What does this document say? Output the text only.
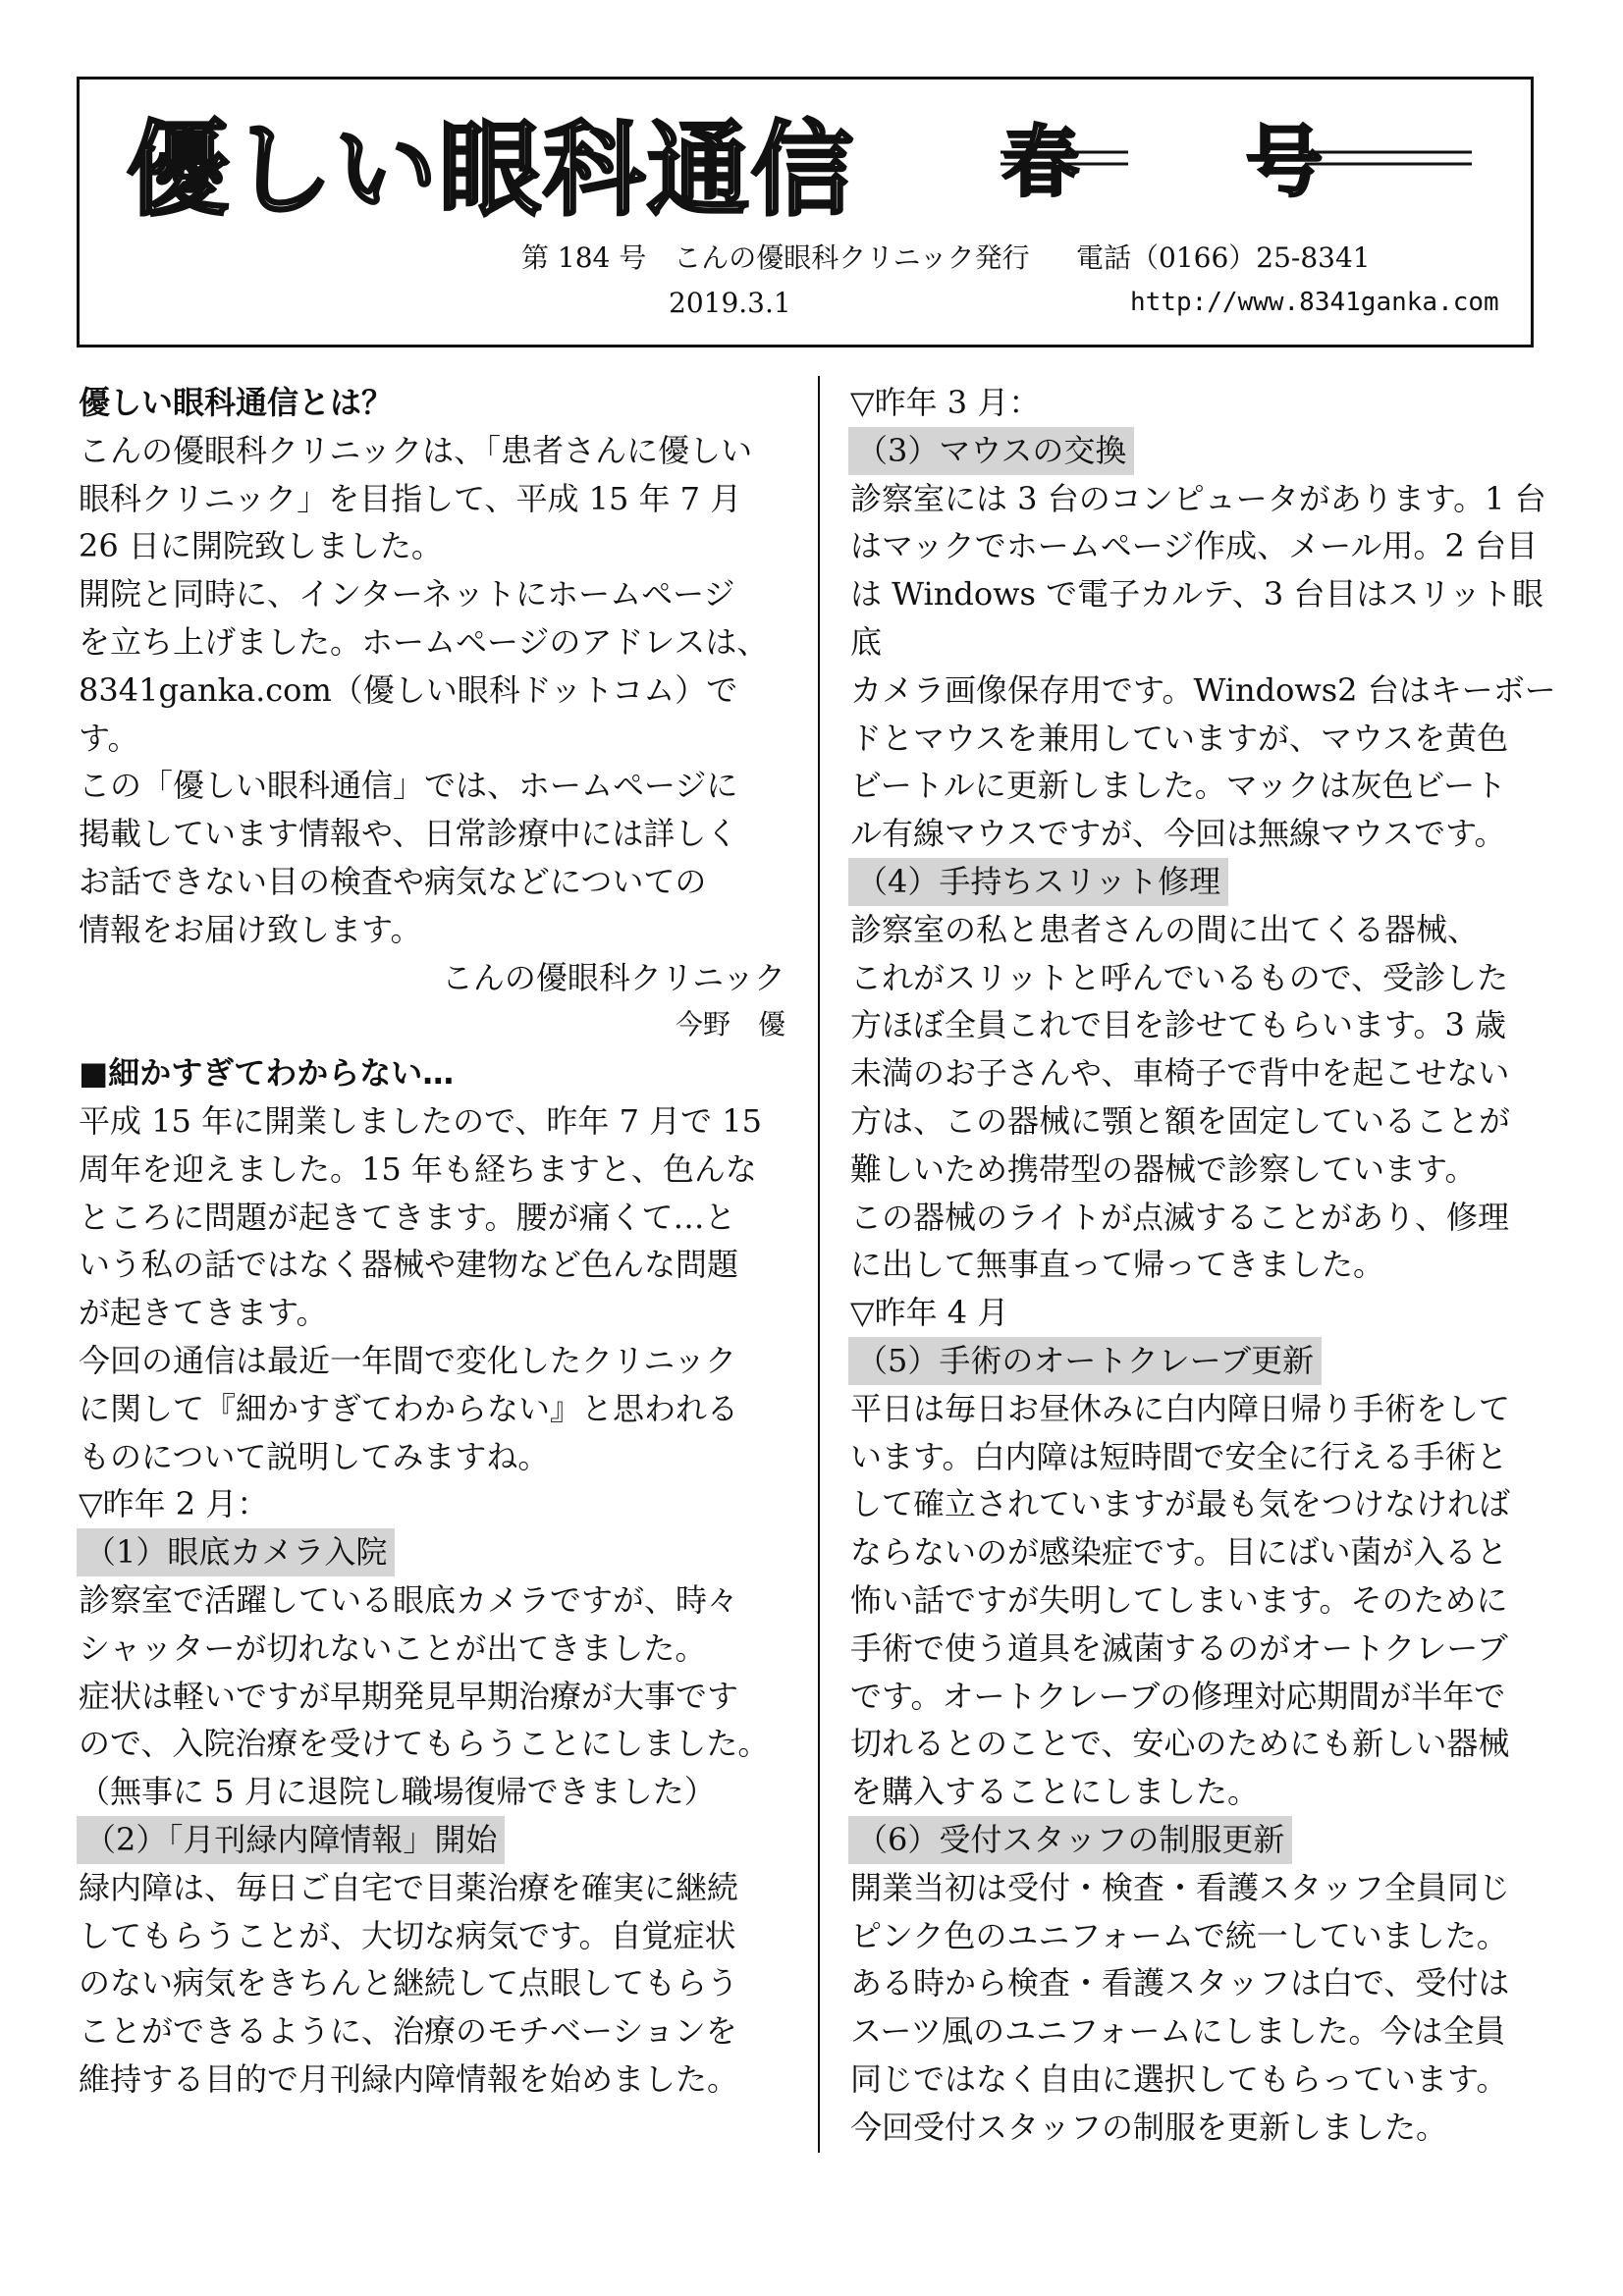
優しい眼科通信 春号
第 184 号　こんの優眼科クリニック発行 電話（0166）25-8341
2019.3.1	http://www.8341ganka.com

優しい眼科通信とは？

こんの優眼科クリニックは、「患者さんに優しい

眼科クリニック」を目指して、平成 15 年 7 月

26 日に開院致しました。

開院と同時に、インターネットにホームページ

を立ち上げました。ホームページのアドレスは、

8341ganka.com（優しい眼科ドットコム）です。

この「優しい眼科通信」では、ホームページに

掲載しています情報や、日常診療中には詳しく

お話できない目の検査や病気などについての

情報をお届け致します。

こんの優眼科クリニック

今野　優

■細かすぎてわからない…

平成 15 年に開業しましたので、昨年 7 月で 15

周年を迎えました。15 年も経ちますと、色んな

ところに問題が起きてきます。腰が痛くて…と

いう私の話ではなく器械や建物など色んな問題

が起きてきます。

今回の通信は最近一年間で変化したクリニック

に関して『細かすぎてわからない』と思われる

ものについて説明してみますね。

▽昨年 2 月：

（1）眼底カメラ入院

診察室で活躍している眼底カメラですが、時々

シャッターが切れないことが出てきました。

症状は軽いですが早期発見早期治療が大事です

ので、入院治療を受けてもらうことにしました。

（無事に 5 月に退院し職場復帰できました）

（2）「月刊緑内障情報」開始

緑内障は、毎日ご自宅で目薬治療を確実に継続

してもらうことが、大切な病気です。自覚症状

のない病気をきちんと継続して点眼してもらう

ことができるように、治療のモチベーションを

維持する目的で月刊緑内障情報を始めました。

▽昨年 3 月：

（3）マウスの交換

診察室には 3 台のコンピュータがあります。1 台

はマックでホームページ作成、メール用。2 台目

は Windows で電子カルテ、3 台目はスリット眼底

カメラ画像保存用です。Windows2 台はキーボー

ドとマウスを兼用していますが、マウスを黄色

ビートルに更新しました。マックは灰色ビート

ル有線マウスですが、今回は無線マウスです。

（4）手持ちスリット修理

診察室の私と患者さんの間に出てくる器械、

これがスリットと呼んでいるもので、受診した

方ほぼ全員これで目を診せてもらいます。3 歳

未満のお子さんや、車椅子で背中を起こせない

方は、この器械に顎と額を固定していることが

難しいため携帯型の器械で診察しています。

この器械のライトが点滅することがあり、修理

に出して無事直って帰ってきました。

▽昨年 4 月

（5）手術のオートクレーブ更新

平日は毎日お昼休みに白内障日帰り手術をして

います。白内障は短時間で安全に行える手術と

して確立されていますが最も気をつけなければ

ならないのが感染症です。目にばい菌が入ると

怖い話ですが失明してしまいます。そのために

手術で使う道具を滅菌するのがオートクレーブ

です。オートクレーブの修理対応期間が半年で

切れるとのことで、安心のためにも新しい器械

を購入することにしました。

（6）受付スタッフの制服更新

開業当初は受付・検査・看護スタッフ全員同じ

ピンク色のユニフォームで統一していました。

ある時から検査・看護スタッフは白で、受付は

スーツ風のユニフォームにしました。今は全員

同じではなく自由に選択してもらっています。

今回受付スタッフの制服を更新しました。
